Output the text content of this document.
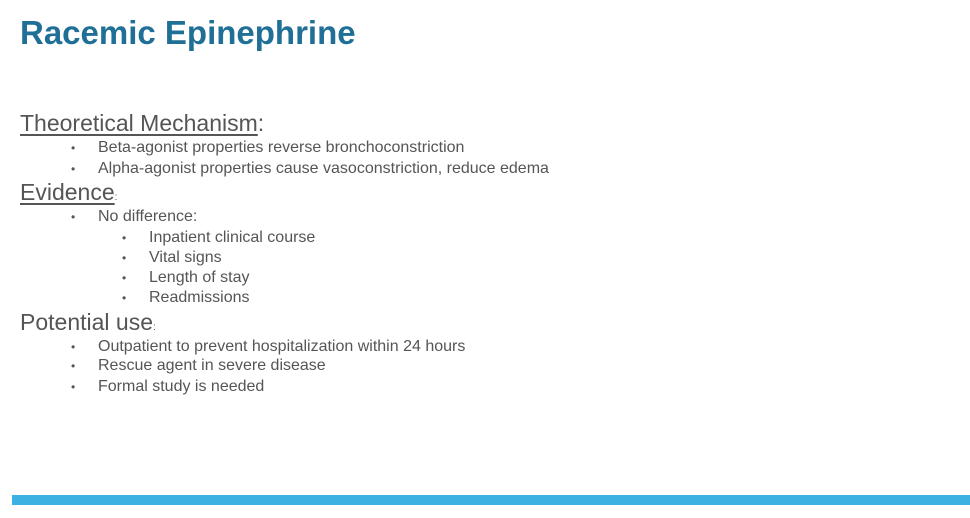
Racemic Epinephrine
Theoretical Mechanism:
• Beta-agonist properties reverse bronchoconstriction
• Alpha-agonist properties cause vasoconstriction, reduce edema
Evidence:
• No difference:
• Inpatient clinical course
• Vital signs
• Length of stay
• Readmissions
Potential use:
• Outpatient to prevent hospitalization within 24 hours
• Rescue agent in severe disease
• Formal study is needed
